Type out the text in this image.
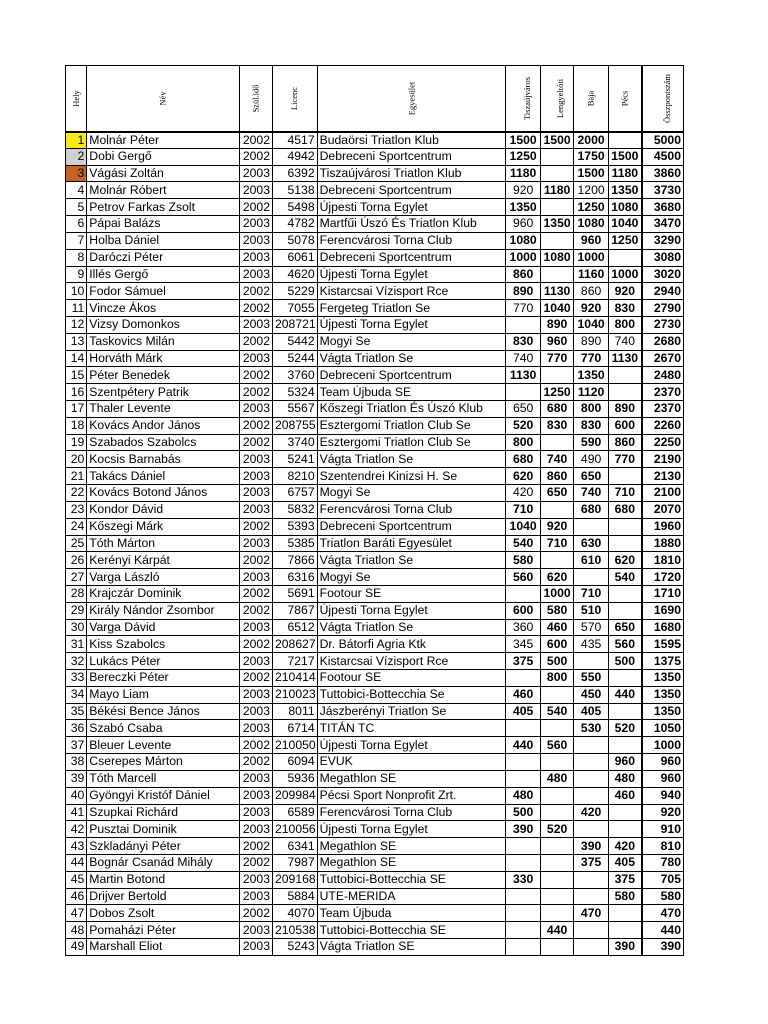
Hely	Név	Szül.idő	Licenc	Egyesület	Tiszaújváros	Lengyeltóti	Baja	Pécs	Összpontszám
1	Molnár Péter	2002	4517	Budaörsi Triatlon Klub	1500	1500	2000		5000
2	Dobi Gergő	2002	4942	Debreceni Sportcentrum	1250		1750	1500	4500
3	Vágási Zoltán	2003	6392	Tiszaújvárosi Triatlon Klub	1180		1500	1180	3860
4	Molnár Róbert	2003	5138	Debreceni Sportcentrum	920	1180	1200	1350	3730
5	Petrov Farkas Zsolt	2002	5498	Újpesti Torna Egylet	1350		1250	1080	3680
6	Pápai Balázs	2003	4782	Martfűi Úszó És Triatlon Klub	960	1350	1080	1040	3470
7	Holba Dániel	2003	5078	Ferencvárosi Torna Club	1080		960	1250	3290
8	Daróczi Péter	2003	6061	Debreceni Sportcentrum	1000	1080	1000		3080
9	Illés Gergő	2003	4620	Újpesti Torna Egylet	860		1160	1000	3020
10	Fodor Sámuel	2002	5229	Kistarcsai Vízisport Rce	890	1130	860	920	2940
11	Vincze Ákos	2002	7055	Fergeteg Triatlon Se	770	1040	920	830	2790
12	Vizsy Domonkos	2003	208721	Újpesti Torna Egylet		890	1040	800	2730
13	Taskovics Milán	2002	5442	Mogyi Se	830	960	890	740	2680
14	Horváth Márk	2003	5244	Vágta Triatlon Se	740	770	770	1130	2670
15	Péter Benedek	2002	3760	Debreceni Sportcentrum	1130		1350		2480
16	Szentpétery Patrik	2002	5324	Team Újbuda SE		1250	1120		2370
17	Thaler Levente	2003	5567	Kőszegi Triatlon És Úszó Klub	650	680	800	890	2370
18	Kovács Andor János	2002	208755	Esztergomi Triatlon Club Se	520	830	830	600	2260
19	Szabados Szabolcs	2002	3740	Esztergomi Triatlon Club Se	800		590	860	2250
20	Kocsis Barnabás	2003	5241	Vágta Triatlon Se	680	740	490	770	2190
21	Takács Dániel	2003	8210	Szentendrei Kinizsi H. Se	620	860	650		2130
22	Kovács Botond János	2003	6757	Mogyi Se	420	650	740	710	2100
23	Kondor Dávid	2003	5832	Ferencvárosi Torna Club	710		680	680	2070
24	Kőszegi Márk	2002	5393	Debreceni Sportcentrum	1040	920			1960
25	Tóth Márton	2003	5385	Triatlon Baráti Egyesület	540	710	630		1880
26	Kerényi Kárpát	2002	7866	Vágta Triatlon Se	580		610	620	1810
27	Varga László	2003	6316	Mogyi Se	560	620		540	1720
28	Krajczár Dominik	2002	5691	Footour SE		1000	710		1710
29	Király Nándor Zsombor	2002	7867	Újpesti Torna Egylet	600	580	510		1690
30	Varga Dávid	2003	6512	Vágta Triatlon Se	360	460	570	650	1680
31	Kiss Szabolcs	2002	208627	Dr. Bátorfi Agria Ktk	345	600	435	560	1595
32	Lukács Péter	2003	7217	Kistarcsai Vízisport Rce	375	500		500	1375
33	Bereczki Péter	2002	210414	Footour SE		800	550		1350
34	Mayo Liam	2003	210023	Tuttobici-Bottecchia Se	460		450	440	1350
35	Békési Bence János	2003	8011	Jászberényi Triatlon Se	405	540	405		1350
36	Szabó Csaba	2003	6714	TITÁN TC			530	520	1050
37	Bleuer Levente	2002	210050	Újpesti Torna Egylet	440	560			1000
38	Cserepes Márton	2002	6094	EVUK				960	960
39	Tóth Marcell	2003	5936	Megathlon SE		480		480	960
40	Gyöngyi Kristóf Dániel	2003	209984	Pécsi Sport Nonprofit Zrt.	480			460	940
41	Szupkai Richárd	2003	6589	Ferencvárosi Torna Club	500		420		920
42	Pusztai Dominik	2003	210056	Újpesti Torna Egylet	390	520			910
43	Szkladányi Péter	2002	6341	Megathlon SE			390	420	810
44	Bognár Csanád Mihály	2002	7987	Megathlon SE			375	405	780
45	Martin Botond	2003	209168	Tuttobici-Bottecchia SE	330			375	705
46	Drijver Bertold	2003	5884	UTE-MERIDA				580	580
47	Dobos Zsolt	2002	4070	Team Újbuda			470		470
48	Pomaházi Péter	2003	210538	Tuttobici-Bottecchia SE		440			440
49	Marshall Eliot	2003	5243	Vágta Triatlon SE				390	390
